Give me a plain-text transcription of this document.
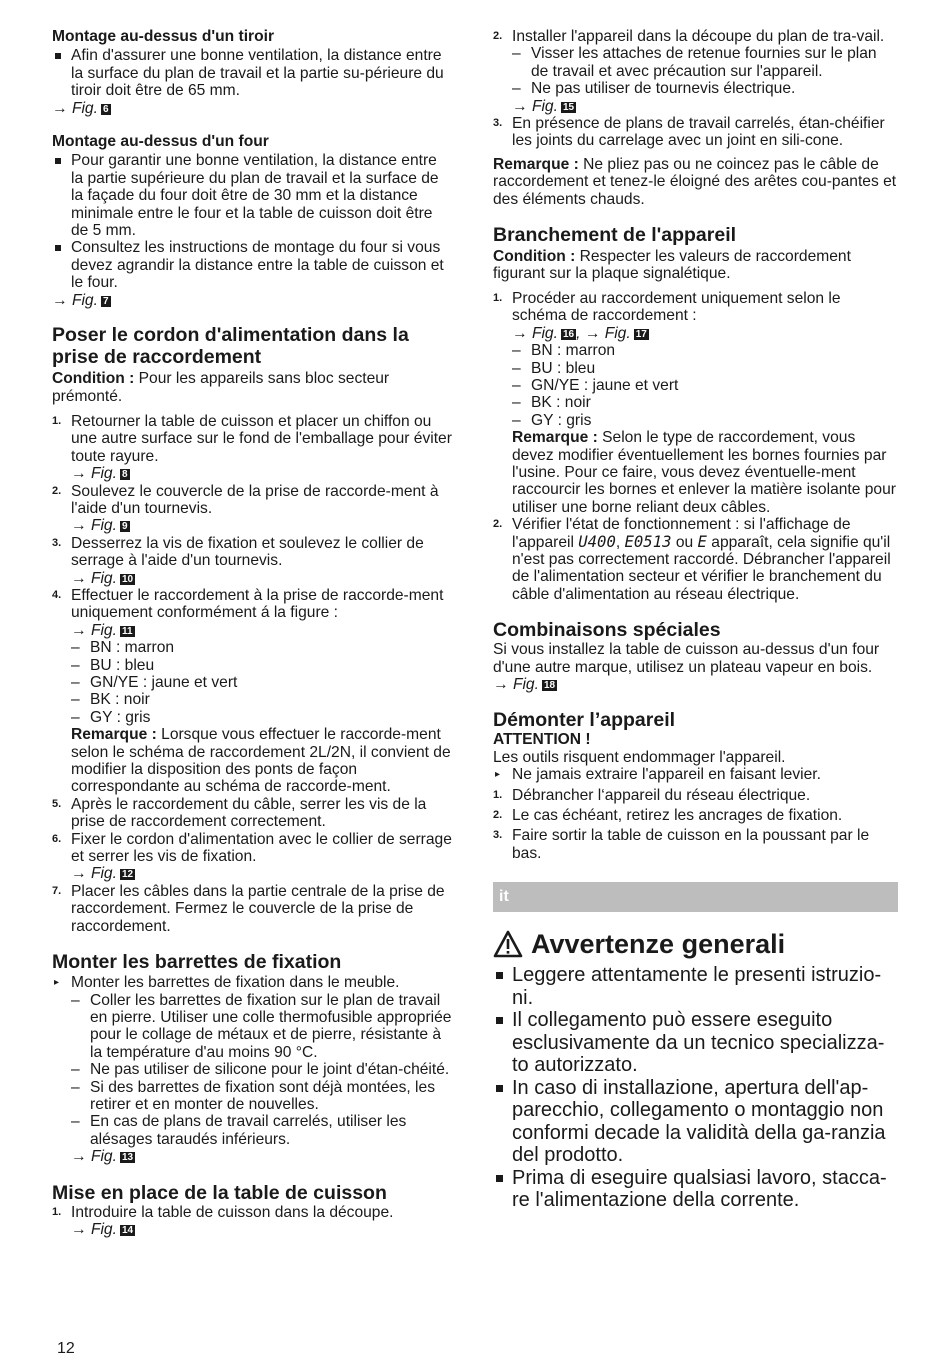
Montage au-dessus d'un tiroir
Afin d'assurer une bonne ventilation, la distance entre la surface du plan de travail et la partie su-périeure du tiroir doit être de 65 mm.
→ Fig. 6
Montage au-dessus d'un four
Pour garantir une bonne ventilation, la distance entre la partie supérieure du plan de travail et la surface de la façade du four doit être de 30 mm et la distance minimale entre le four et la table de cuisson doit être de 5 mm.
Consultez les instructions de montage du four si vous devez agrandir la distance entre la table de cuisson et le four.
→ Fig. 7
Poser le cordon d'alimentation dans la prise de raccordement

Condition : Pour les appareils sans bloc secteur prémonté.

1. Retourner la table de cuisson et placer un chiffon ou une autre surface sur le fond de l'emballage pour éviter toute rayure.
→ Fig. 8
2. Soulevez le couvercle de la prise de raccorde-ment à l'aide d'un tournevis.
→ Fig. 9
3. Desserrez la vis de fixation et soulevez le collier de serrage à l'aide d'un tournevis.
→ Fig. 10
4. Effectuer le raccordement à la prise de raccorde-ment uniquement conformément á la figure :
→ Fig. 11
– BN : marron
– BU : bleu
– GN/YE : jaune et vert
– BK : noir
– GY : gris

Remarque : Lorsque vous effectuer le raccorde-ment selon le schéma de raccordement 2L/2N, il convient de modifier la disposition des ponts de façon correspondante au schéma de raccorde-ment.

5. Après le raccordement du câble, serrer les vis de la prise de raccordement correctement.
6. Fixer le cordon d'alimentation avec le collier de serrage et serrer les vis de fixation.
→ Fig. 12
7. Placer les câbles dans la partie centrale de la prise de raccordement. Fermez le couvercle de la prise de raccordement.
Monter les barrettes de fixation
▸ Monter les barrettes de fixation dans le meuble.
– Coller les barrettes de fixation sur le plan de travail en pierre. Utiliser une colle thermofusible appropriée pour le collage de métaux et de pierre, résistante à la température d'au moins 90 °C.
– Ne pas utiliser de silicone pour le joint d'étan-chéité.
– Si des barrettes de fixation sont déjà montées, les retirer et en monter de nouvelles.
– En cas de plans de travail carrelés, utiliser les alésages taraudés inférieurs.
→ Fig. 13
Mise en place de la table de cuisson
1. Introduire la table de cuisson dans la découpe.
→ Fig. 14
2. Installer l'appareil dans la découpe du plan de tra-vail.
– Visser les attaches de retenue fournies sur le plan de travail et avec précaution sur l'appareil.
– Ne pas utiliser de tournevis électrique.
→ Fig. 15
3. En présence de plans de travail carrelés, étan-chéifier les joints du carrelage avec un joint en sili-cone.

Remarque : Ne pliez pas ou ne coincez pas le câble de raccordement et tenez-le éloigné des arêtes cou-pantes et des éléments chauds.

Branchement de l'appareil

Condition : Respecter les valeurs de raccordement figurant sur la plaque signalétique.

1. Procéder au raccordement uniquement selon le schéma de raccordement :
→ Fig. 16 , → Fig. 17
– BN : marron
– BU : bleu
– GN/YE : jaune et vert
– BK : noir
– GY : gris

Remarque : Selon le type de raccordement, vous devez modifier éventuellement les bornes fournies par l'usine. Pour ce faire, vous devez éventuelle-ment raccourcir les bornes et enlever la matière isolante pour utiliser une borne reliant deux câbles.

2. Vérifier l'état de fonctionnement : si l'affichage de l'appareil U400, E0513 ou E apparaît, cela signifie qu'il n'est pas correctement raccordé. Débrancher l'appareil de l'alimentation secteur et vérifier le branchement du câble d'alimentation au réseau électrique.
Combinaisons spéciales

Si vous installez la table de cuisson au-dessus d'un four d'une autre marque, utilisez un plateau vapeur en bois.

→ Fig. 18
Démonter l’appareil
ATTENTION !

Les outils risquent endommager l'appareil.

▸ Ne jamais extraire l'appareil en faisant levier.
1. Débrancher l‘appareil du réseau électrique.
2. Le cas échéant, retirez les ancrages de fixation.
3. Faire sortir la table de cuisson en la poussant par le bas.
it
Avvertenze generali
Leggere attentamente le presenti istruzio-ni.
Il collegamento può essere eseguito esclusivamente da un tecnico specializza-to autorizzato.
In caso di installazione, apertura dell'ap-parecchio, collegamento o montaggio non conformi decade la validità della ga-ranzia del prodotto.
Prima di eseguire qualsiasi lavoro, stacca-re l'alimentazione della corrente.
12
